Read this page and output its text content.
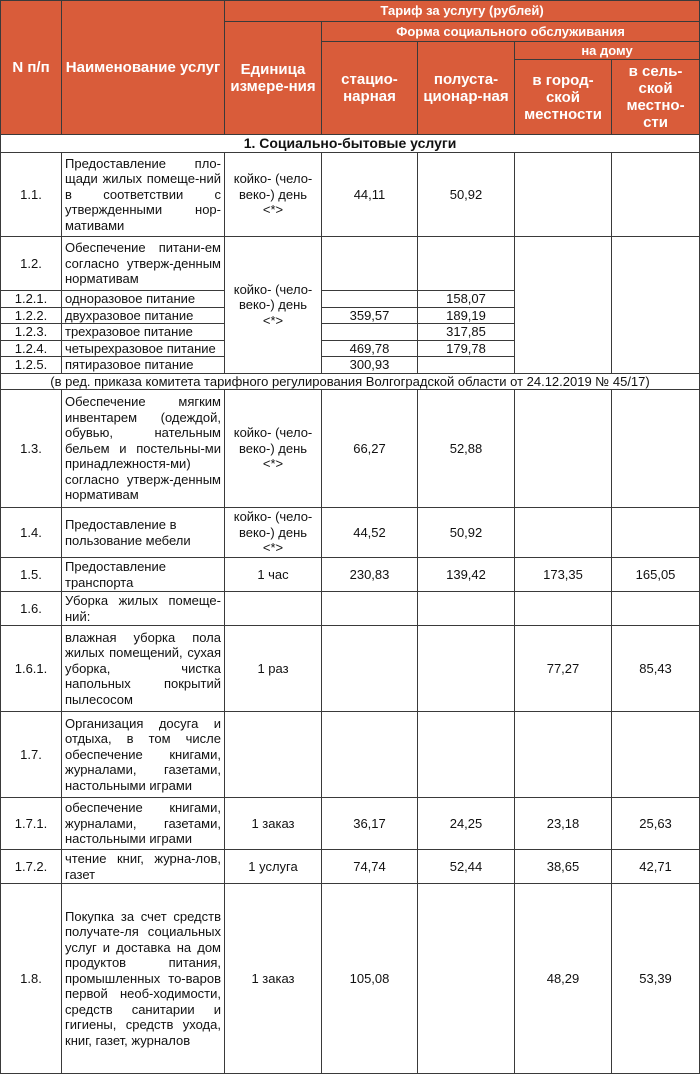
N п/п	Наименование услуг	Тариф за услугу (рублей)				
		Единица измере-ния	Форма социального обслуживания			
			стацио-нарная	полуста-ционар-ная	на дому	
					в город-ской местности	в сель-ской местно-сти

1. Социально-бытовые услуги						
1.1.	Предоставление пло-щади жилых помеще-ний в соответствии с утвержденными нор-мативами	койко- (чело-веко-) день <*>	44,11	50,92		
1.2.	Обеспечение питани-ем согласно утверж-денным нормативам	койко- (чело-веко-) день <*>				
1.2.1.	одноразовое питание			158,07		
1.2.2.	двухразовое питание		359,57	189,19		
1.2.3.	трехразовое питание			317,85		
1.2.4.	четырехразовое питание		469,78	179,78		
1.2.5.	пятиразовое питание		300,93			
(в ред. приказа комитета тарифного регулирования Волгоградской области от 24.12.2019 № 45/17)						
1.3.	Обеспечение мягким инвентарем (одеждой, обувью, нательным бельем и постельны-ми принадлежностя-ми) согласно утверж-денным нормативам	койко- (чело-веко-) день <*>	66,27	52,88		
1.4.	Предоставление в пользование мебели	койко- (чело-веко-) день <*>	44,52	50,92		
1.5.	Предоставление транспорта	1 час	230,83	139,42	173,35	165,05
1.6.	Уборка жилых помеще-ний:					
1.6.1.	влажная уборка пола жилых помещений, сухая уборка, чистка напольных покрытий пылесосом	1 раз			77,27	85,43
1.7.	Организация досуга и отдыха, в том числе обеспечение книгами, журналами, газетами, настольными играми					
1.7.1.	обеспечение книгами, журналами, газетами, настольными играми	1 заказ	36,17	24,25	23,18	25,63
1.7.2.	чтение книг, журна-лов, газет	1 услуга	74,74	52,44	38,65	42,71
1.8.	Покупка за счет средств получате-ля социальных услуг и доставка на дом продуктов питания, промышленных то-варов первой необ-ходимости, средств санитарии и гигиены, средств ухода, книг, газет, журналов	1 заказ	105,08		48,29	53,39
